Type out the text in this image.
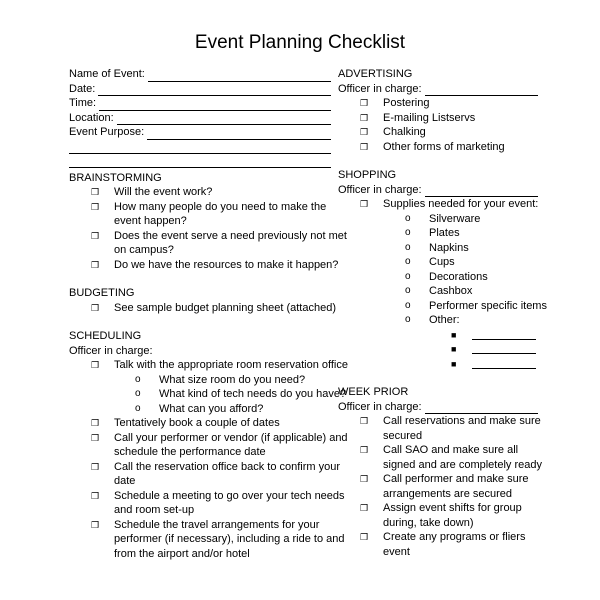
Event Planning Checklist
Name of Event:
Date:
Time:
Location:
Event Purpose:
BRAINSTORMING
❒	Will the event work?
❒	How many people do you need to make the
event happen?
❒	Does the event serve a need previously not met
on campus?
❒	Do we have the resources to make it happen?
BUDGETING
❒	See sample budget planning sheet (attached)
SCHEDULING
Officer in charge:
❒	Talk with the appropriate room reservation office
o	What size room do you need?
o	What kind of tech needs do you have?
o	What can you afford?
❒	Tentatively book a couple of dates
❒	Call your performer or vendor (if applicable) and
schedule the performance date
❒	Call the reservation office back to confirm your
date
❒	Schedule a meeting to go over your tech needs
and room set-up
❒	Schedule the travel arrangements for your
performer (if necessary), including a ride to and
from the airport and/or hotel
ADVERTISING
Officer in charge:
❒	Postering
❒	E-mailing Listservs
❒	Chalking
❒	Other forms of marketing
SHOPPING
Officer in charge:
❒	Supplies needed for your event:
o	Silverware
o	Plates
o	Napkins
o	Cups
o	Decorations
o	Cashbox
o	Performer specific items
o	Other:
■
■
■
WEEK PRIOR
Officer in charge:
❒	Call reservations and make sure
secured
❒	Call SAO and make sure all
signed and are completely ready
❒	Call performer and make sure
arrangements are secured
❒	Assign event shifts for group
during, take down)
❒	Create any programs or fliers
event
